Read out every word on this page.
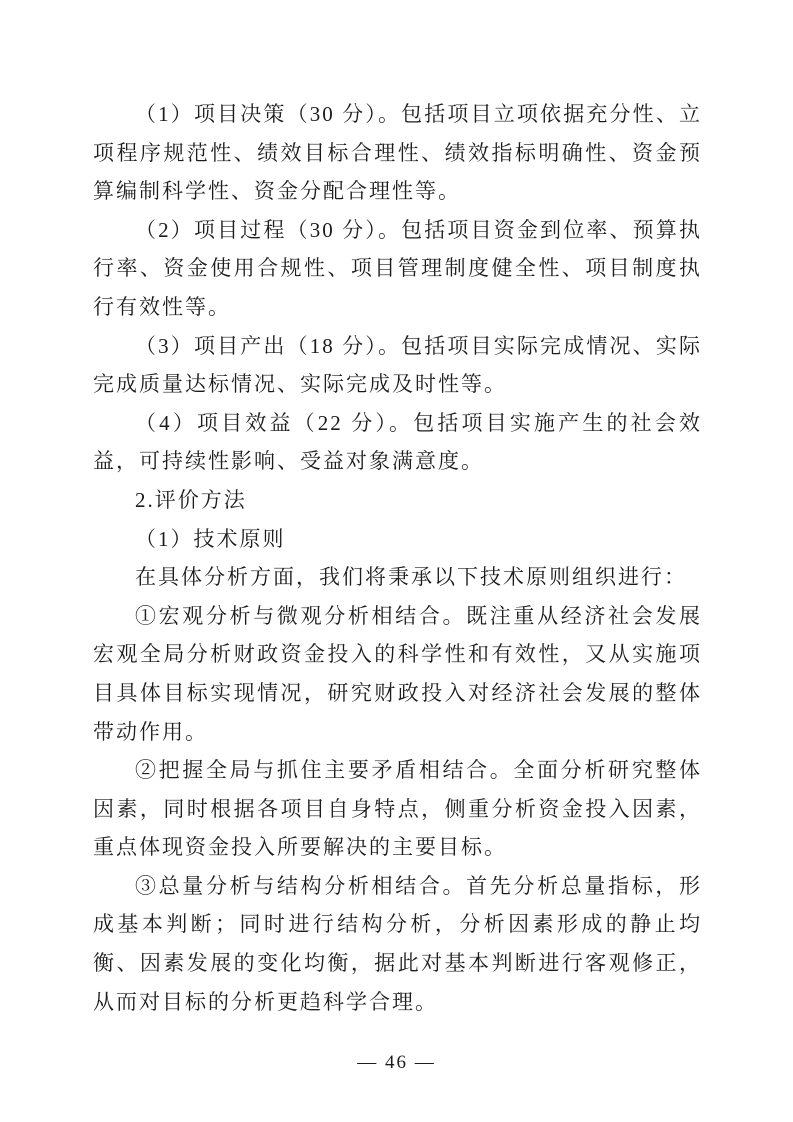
（1）项目决策（30 分）。包括项目立项依据充分性、立项程序规范性、绩效目标合理性、绩效指标明确性、资金预算编制科学性、资金分配合理性等。

（2）项目过程（30 分）。包括项目资金到位率、预算执行率、资金使用合规性、项目管理制度健全性、项目制度执行有效性等。

（3）项目产出（18 分）。包括项目实际完成情况、实际完成质量达标情况、实际完成及时性等。

（4）项目效益（22 分）。包括项目实施产生的社会效益，可持续性影响、受益对象满意度。

2.评价方法

（1）技术原则

在具体分析方面，我们将秉承以下技术原则组织进行：

①宏观分析与微观分析相结合。既注重从经济社会发展宏观全局分析财政资金投入的科学性和有效性，又从实施项目具体目标实现情况，研究财政投入对经济社会发展的整体带动作用。

②把握全局与抓住主要矛盾相结合。全面分析研究整体因素，同时根据各项目自身特点，侧重分析资金投入因素，重点体现资金投入所要解决的主要目标。

③总量分析与结构分析相结合。首先分析总量指标，形成基本判断；同时进行结构分析，分析因素形成的静止均衡、因素发展的变化均衡，据此对基本判断进行客观修正，从而对目标的分析更趋科学合理。

— 46 —
